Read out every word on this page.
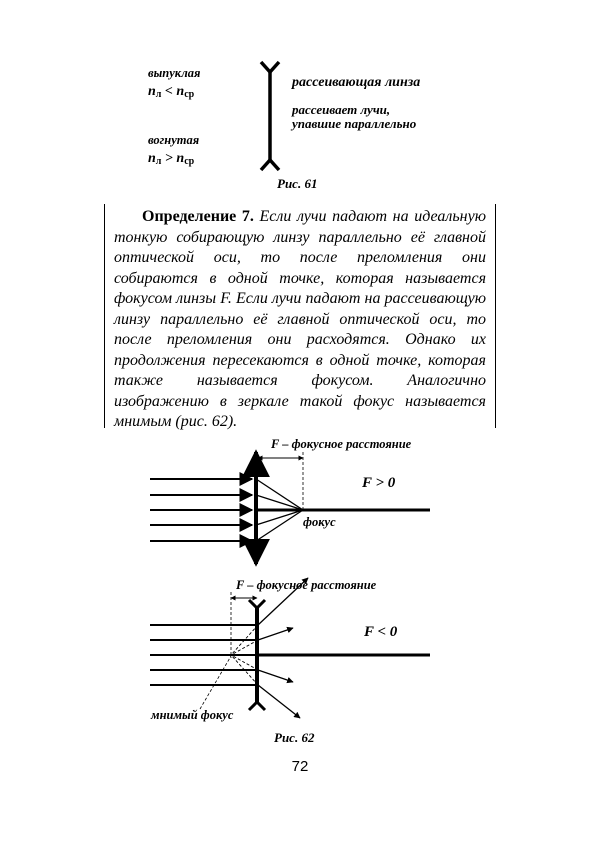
выпуклая
$n_л < n_{ср}$
вогнутая
$n_л > n_{ср}$
рассеивающая линза
рассеивает лучи,
упавшие параллельно
Рис. 61
Определение 7. Если лучи падают на идеальную тонкую собирающую линзу параллельно её главной оптической оси, то после преломления они собираются в одной точке, которая называется фокусом линзы F. Если лучи падают на рассеивающую линзу параллельно её главной оптической оси, то после преломления они расходятся. Однако их продолжения пересекаются в одной точке, которая также называется фокусом. Аналогично изображению в зеркале такой фокус называется мнимым (рис. 62).
F – фокусное расстояние
F > 0
фокус
F – фокусное расстояние
F < 0
мнимый фокус
Рис. 62
72
